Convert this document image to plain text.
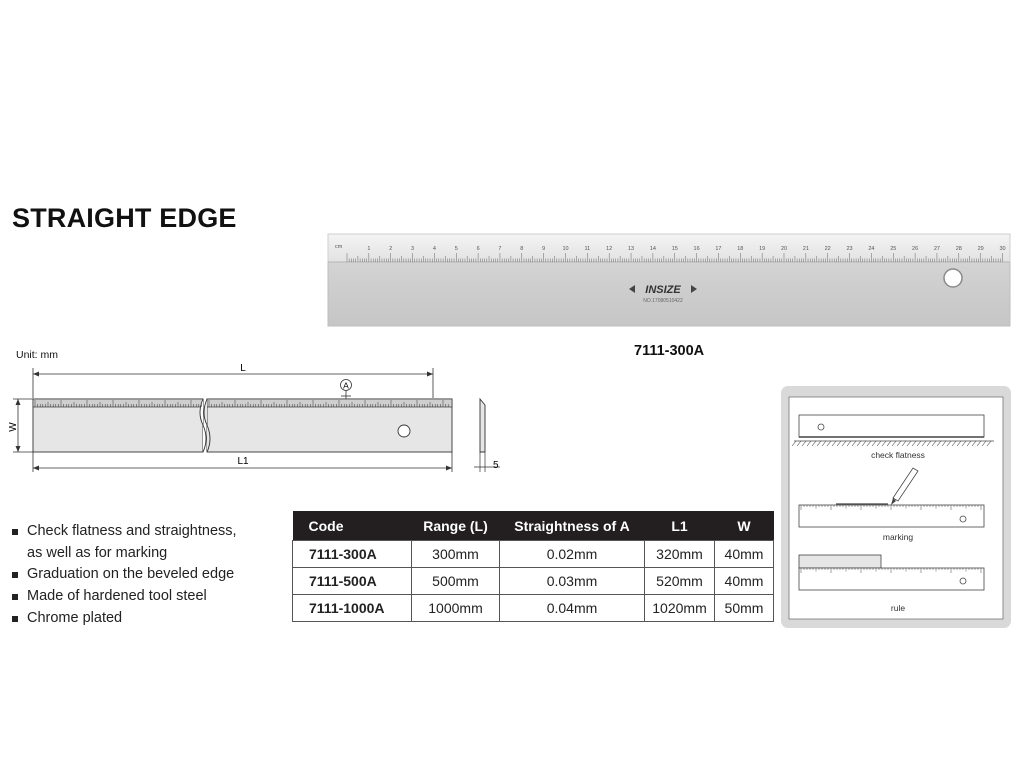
STRAIGHT EDGE
1	2	3	4	5	6	7	8	9	10	11	12	13	14	15	16	17	18	19	20	21	22	23	24	25	26	27	28	29	30
cm
INSIZE
NO.17080510422
7111-300A
Unit: mm
L
L1
W
A
5
Check flatness and straightness,
as well as for marking
Graduation on the beveled edge
Made of hardened tool steel
Chrome plated
Code	Range (L)	Straightness of A	L1	W
7111-300A	300mm	0.02mm	320mm	40mm
7111-500A	500mm	0.03mm	520mm	40mm
7111-1000A	1000mm	0.04mm	1020mm	50mm
check flatness
marking
rule
